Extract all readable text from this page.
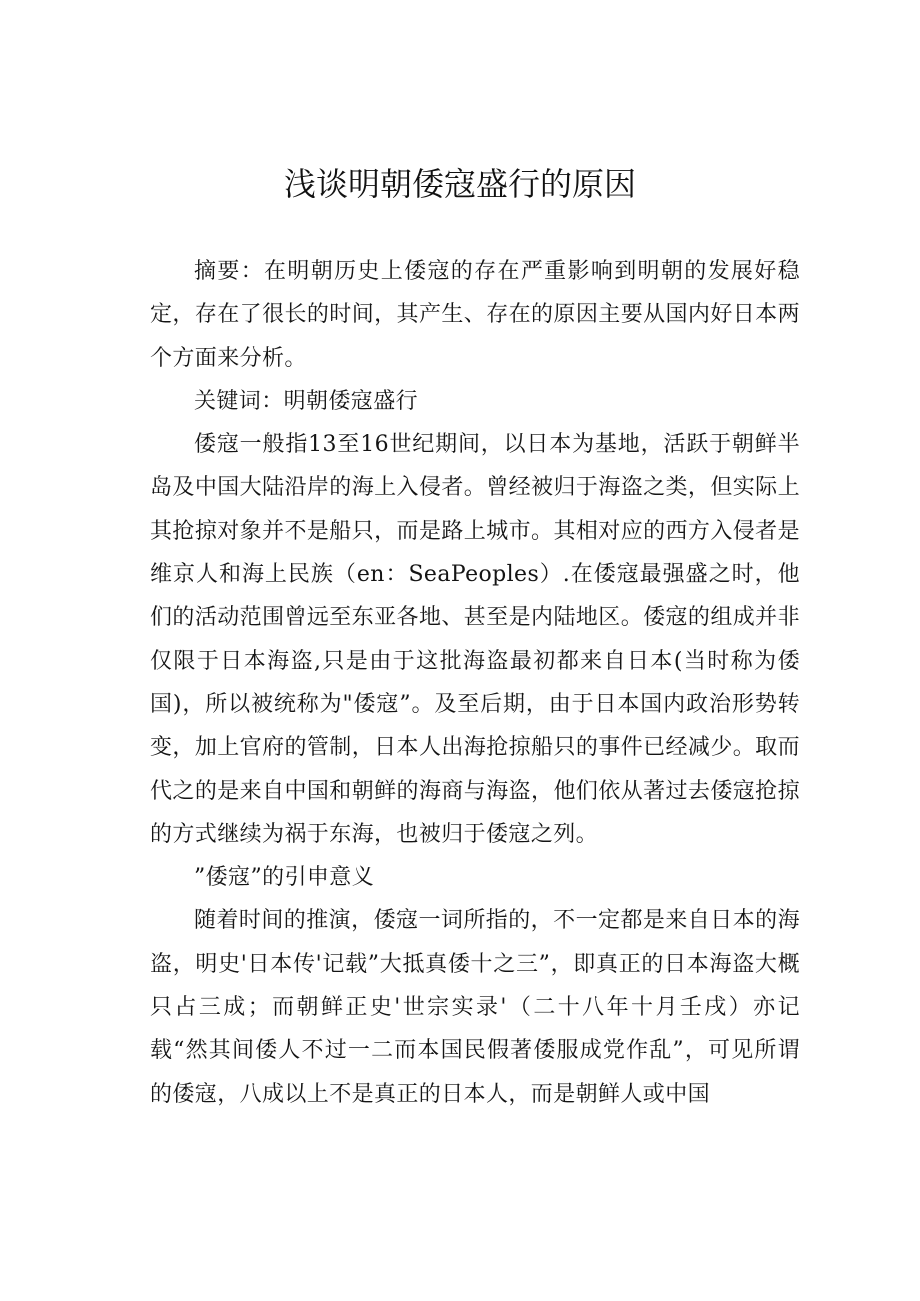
浅谈明朝倭寇盛行的原因

摘要：在明朝历史上倭寇的存在严重影响到明朝的发展好稳定，存在了很长的时间，其产生、存在的原因主要从国内好日本两个方面来分析。

关键词：明朝倭寇盛行

倭寇一般指13至16世纪期间，以日本为基地，活跃于朝鲜半岛及中国大陆沿岸的海上入侵者。曾经被归于海盗之类，但实际上其抢掠对象并不是船只，而是路上城市。其相对应的西方入侵者是维京人和海上民族（en：SeaPeoples）.在倭寇最强盛之时，他们的活动范围曾远至东亚各地、甚至是内陆地区。倭寇的组成并非仅限于日本海盗,只是由于这批海盗最初都来自日本(当时称为倭国)，所以被统称为"倭寇”。及至后期，由于日本国内政治形势转变，加上官府的管制，日本人出海抢掠船只的事件已经减少。取而代之的是来自中国和朝鲜的海商与海盗，他们依从著过去倭寇抢掠的方式继续为祸于东海，也被归于倭寇之列。

”倭寇”的引申意义

随着时间的推演，倭寇一词所指的，不一定都是来自日本的海盗，明史'日本传'记载”大抵真倭十之三”，即真正的日本海盗大概只占三成；而朝鲜正史'世宗实录'（二十八年十月壬戌）亦记载“然其间倭人不过一二而本国民假著倭服成党作乱”，可见所谓的倭寇，八成以上不是真正的日本人，而是朝鲜人或中国
